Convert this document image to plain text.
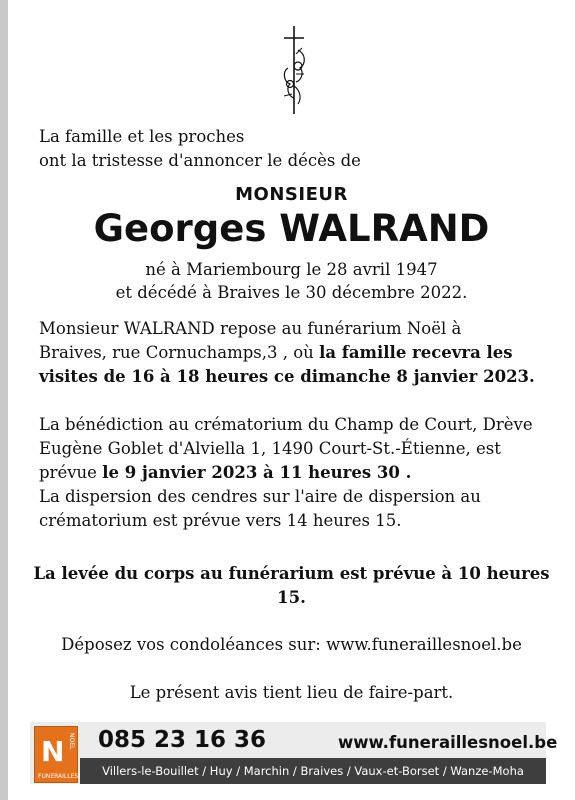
La famille et les proches

ont la tristesse d'annoncer le décès de

MONSIEUR
Georges WALRAND

né à Mariembourg le 28 avril 1947

et décédé à Braives le 30 décembre 2022.

Monsieur WALRAND repose au funérarium Noël à

Braives, rue Cornuchamps,3 , où la famille recevra les

visites de 16 à 18 heures ce dimanche 8 janvier 2023.

La bénédiction au crématorium du Champ de Court, Drève

Eugène Goblet d'Alviella 1, 1490 Court-St.-Étienne, est

prévue le 9 janvier 2023 à 11 heures 30 .

La dispersion des cendres sur l'aire de dispersion au

crématorium est prévue vers 14 heures 15.

La levée du corps au funérarium est prévue à 10 heures

15.

Déposez vos condoléances sur: www.funeraillesnoel.be

Le présent avis tient lieu de faire-part.

N NOEL
FUNERAILLES
085 23 16 36	www.funeraillesnoel.be
Villers-le-Bouillet / Huy / Marchin / Braives / Vaux-et-Borset / Wanze-Moha
